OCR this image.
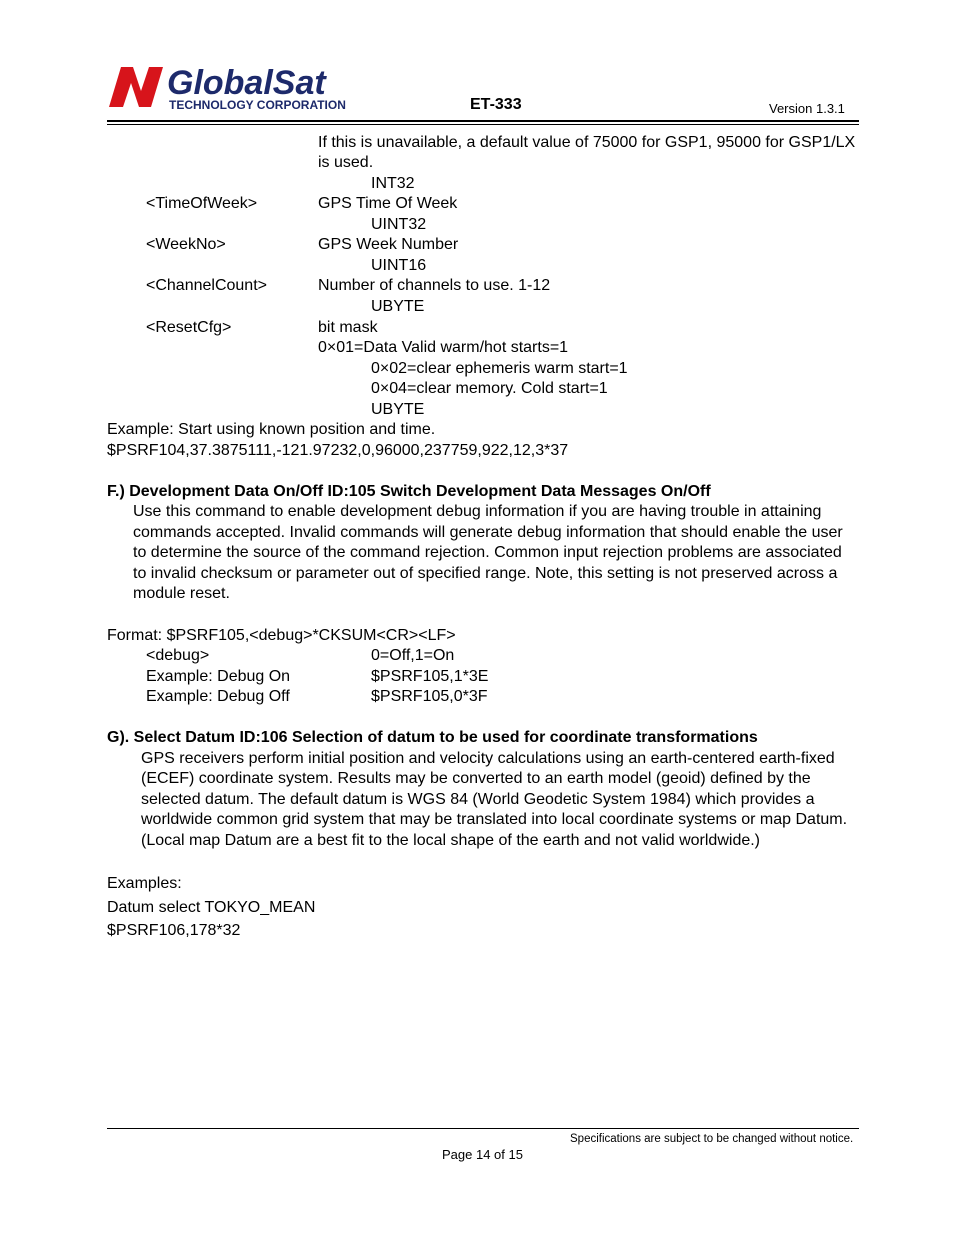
GlobalSat
TECHNOLOGY CORPORATION	ET-333	Version 1.3.1
If this is unavailable, a default value of 75000 for GSP1, 95000 for GSP1/LX
is used.
INT32
<TimeOfWeek>	GPS Time Of Week
UINT32
<WeekNo>	GPS Week Number
UINT16
<ChannelCount>	Number of channels to use. 1-12
UBYTE
<ResetCfg>	bit mask
0×01=Data Valid warm/hot starts=1
0×02=clear ephemeris warm start=1
0×04=clear memory. Cold start=1
UBYTE
Example: Start using known position and time.
$PSRF104,37.3875111,-121.97232,0,96000,237759,922,12,3*37
F.) Development Data On/Off ID:105 Switch Development Data Messages On/Off
Use this command to enable development debug information if you are having trouble in attaining
commands accepted. Invalid commands will generate debug information that should enable the user
to determine the source of the command rejection. Common input rejection problems are associated
to invalid checksum or parameter out of specified range. Note, this setting is not preserved across a
module reset.
Format: $PSRF105,<debug>*CKSUM<CR><LF>
<debug>	0=Off,1=On
Example: Debug On	$PSRF105,1*3E
Example: Debug Off	$PSRF105,0*3F
G). Select Datum ID:106 Selection of datum to be used for coordinate transformations
GPS receivers perform initial position and velocity calculations using an earth-centered earth-fixed
(ECEF) coordinate system. Results may be converted to an earth model (geoid) defined by the
selected datum. The default datum is WGS 84 (World Geodetic System 1984) which provides a
worldwide common grid system that may be translated into local coordinate systems or map Datum.
(Local map Datum are a best fit to the local shape of the earth and not valid worldwide.)
Examples:
Datum select TOKYO_MEAN
$PSRF106,178*32
Specifications are subject to be changed without notice.
Page 14 of 15
